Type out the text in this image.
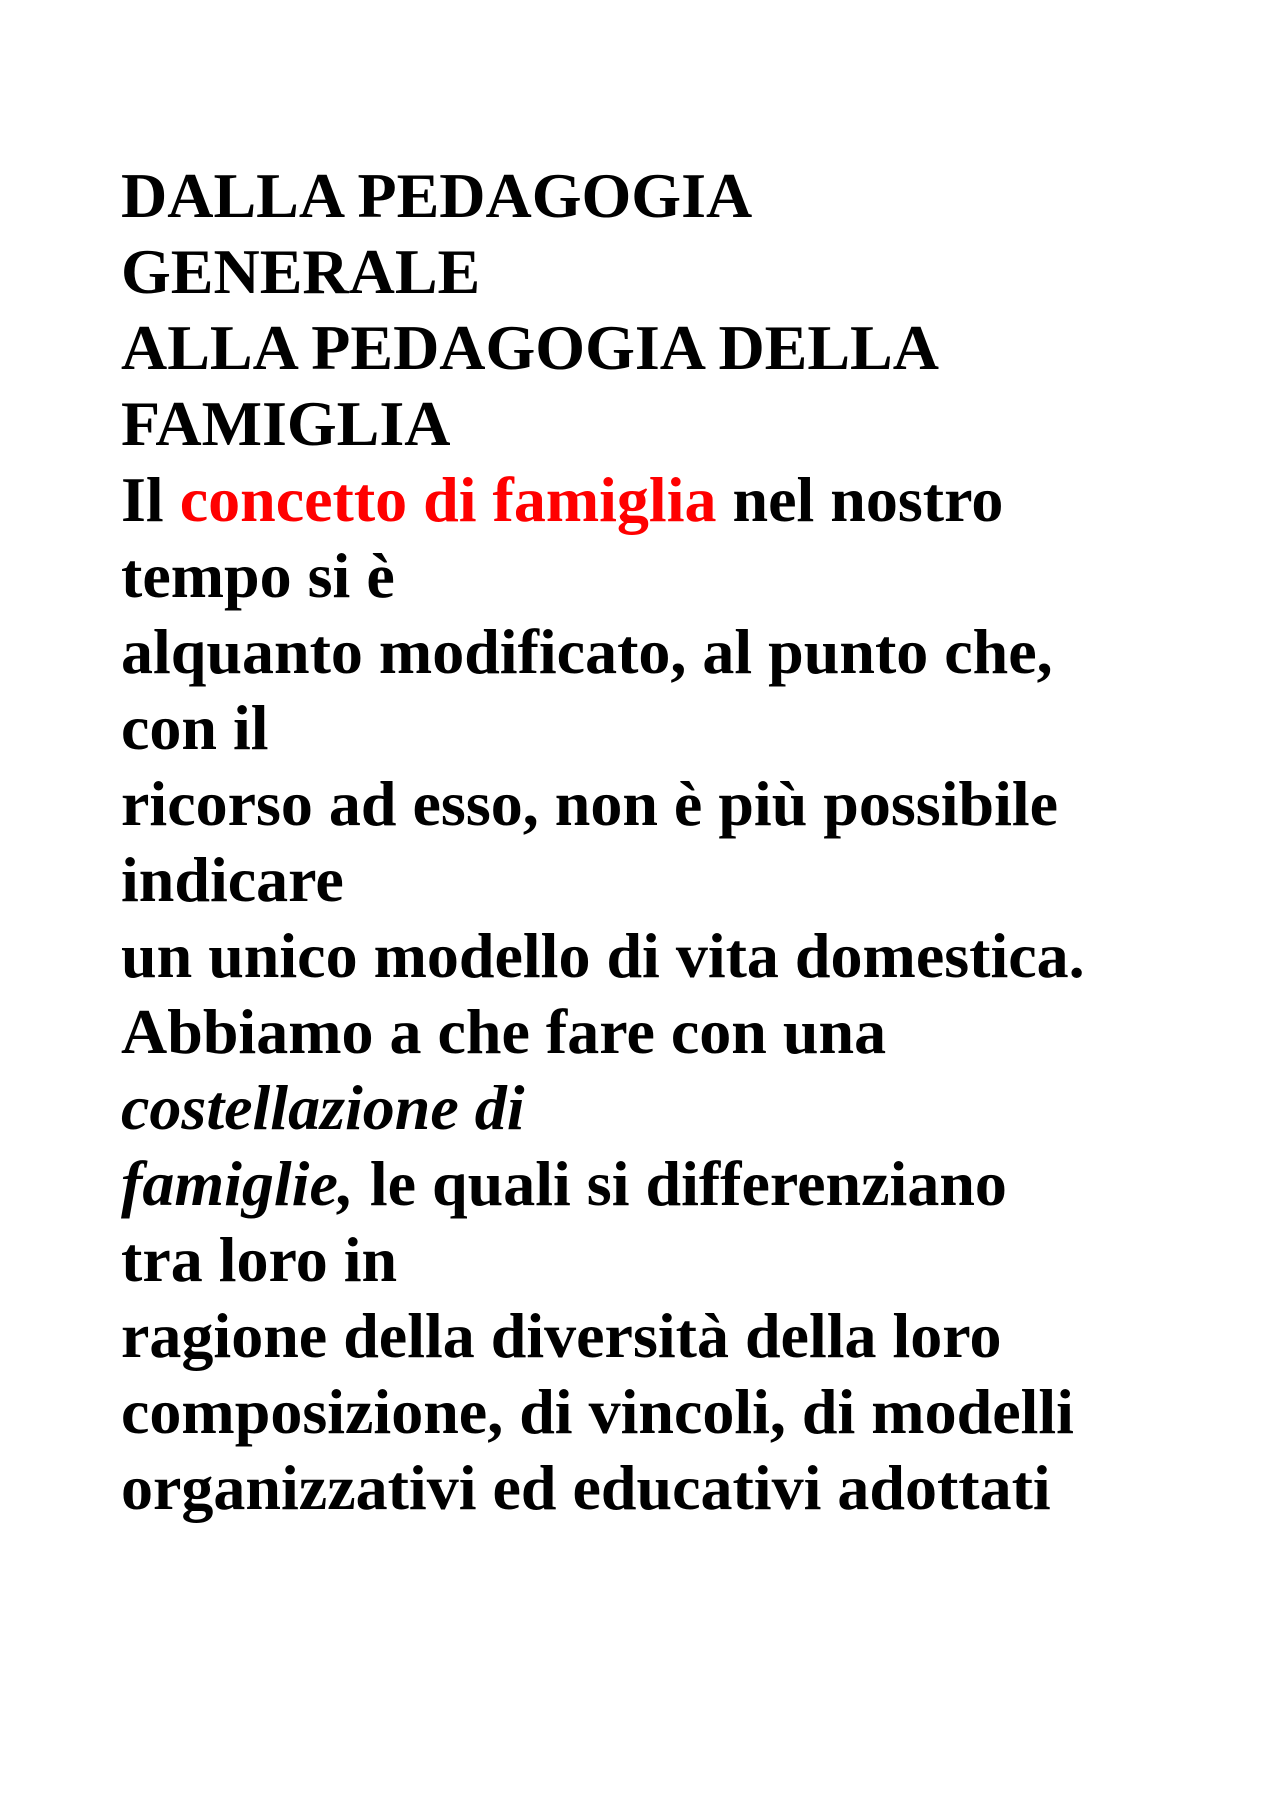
DALLA PEDAGOGIA
GENERALE
ALLA PEDAGOGIA DELLA
FAMIGLIA
Il concetto di famiglia nel nostro
tempo si è
alquanto modificato, al punto che,
con il
ricorso ad esso, non è più possibile
indicare
un unico modello di vita domestica.
Abbiamo a che fare con una
costellazione di
famiglie, le quali si differenziano
tra loro in
ragione della diversità della loro
composizione, di vincoli, di modelli
organizzativi ed educativi adottati
